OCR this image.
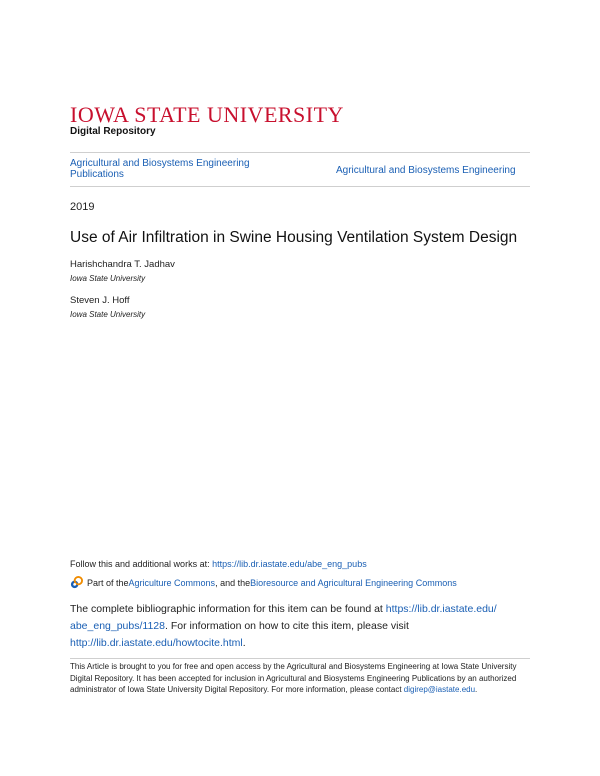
IOWA STATE UNIVERSITY
Digital Repository
Agricultural and Biosystems Engineering Publications	Agricultural and Biosystems Engineering
2019
Use of Air Infiltration in Swine Housing Ventilation System Design
Harishchandra T. Jadhav
Iowa State University
Steven J. Hoff
Iowa State University
Follow this and additional works at: https://lib.dr.iastate.edu/abe_eng_pubs
Part of the Agriculture Commons , and the Bioresource and Agricultural Engineering Commons
The complete bibliographic information for this item can be found at https://lib.dr.iastate.edu/
abe_eng_pubs/1128. For information on how to cite this item, please visit
http://lib.dr.iastate.edu/howtocite.html.
This Article is brought to you for free and open access by the Agricultural and Biosystems Engineering at Iowa State University Digital Repository. It has been accepted for inclusion in Agricultural and Biosystems Engineering Publications by an authorized administrator of Iowa State University Digital Repository. For more information, please contact digirep@iastate.edu.
